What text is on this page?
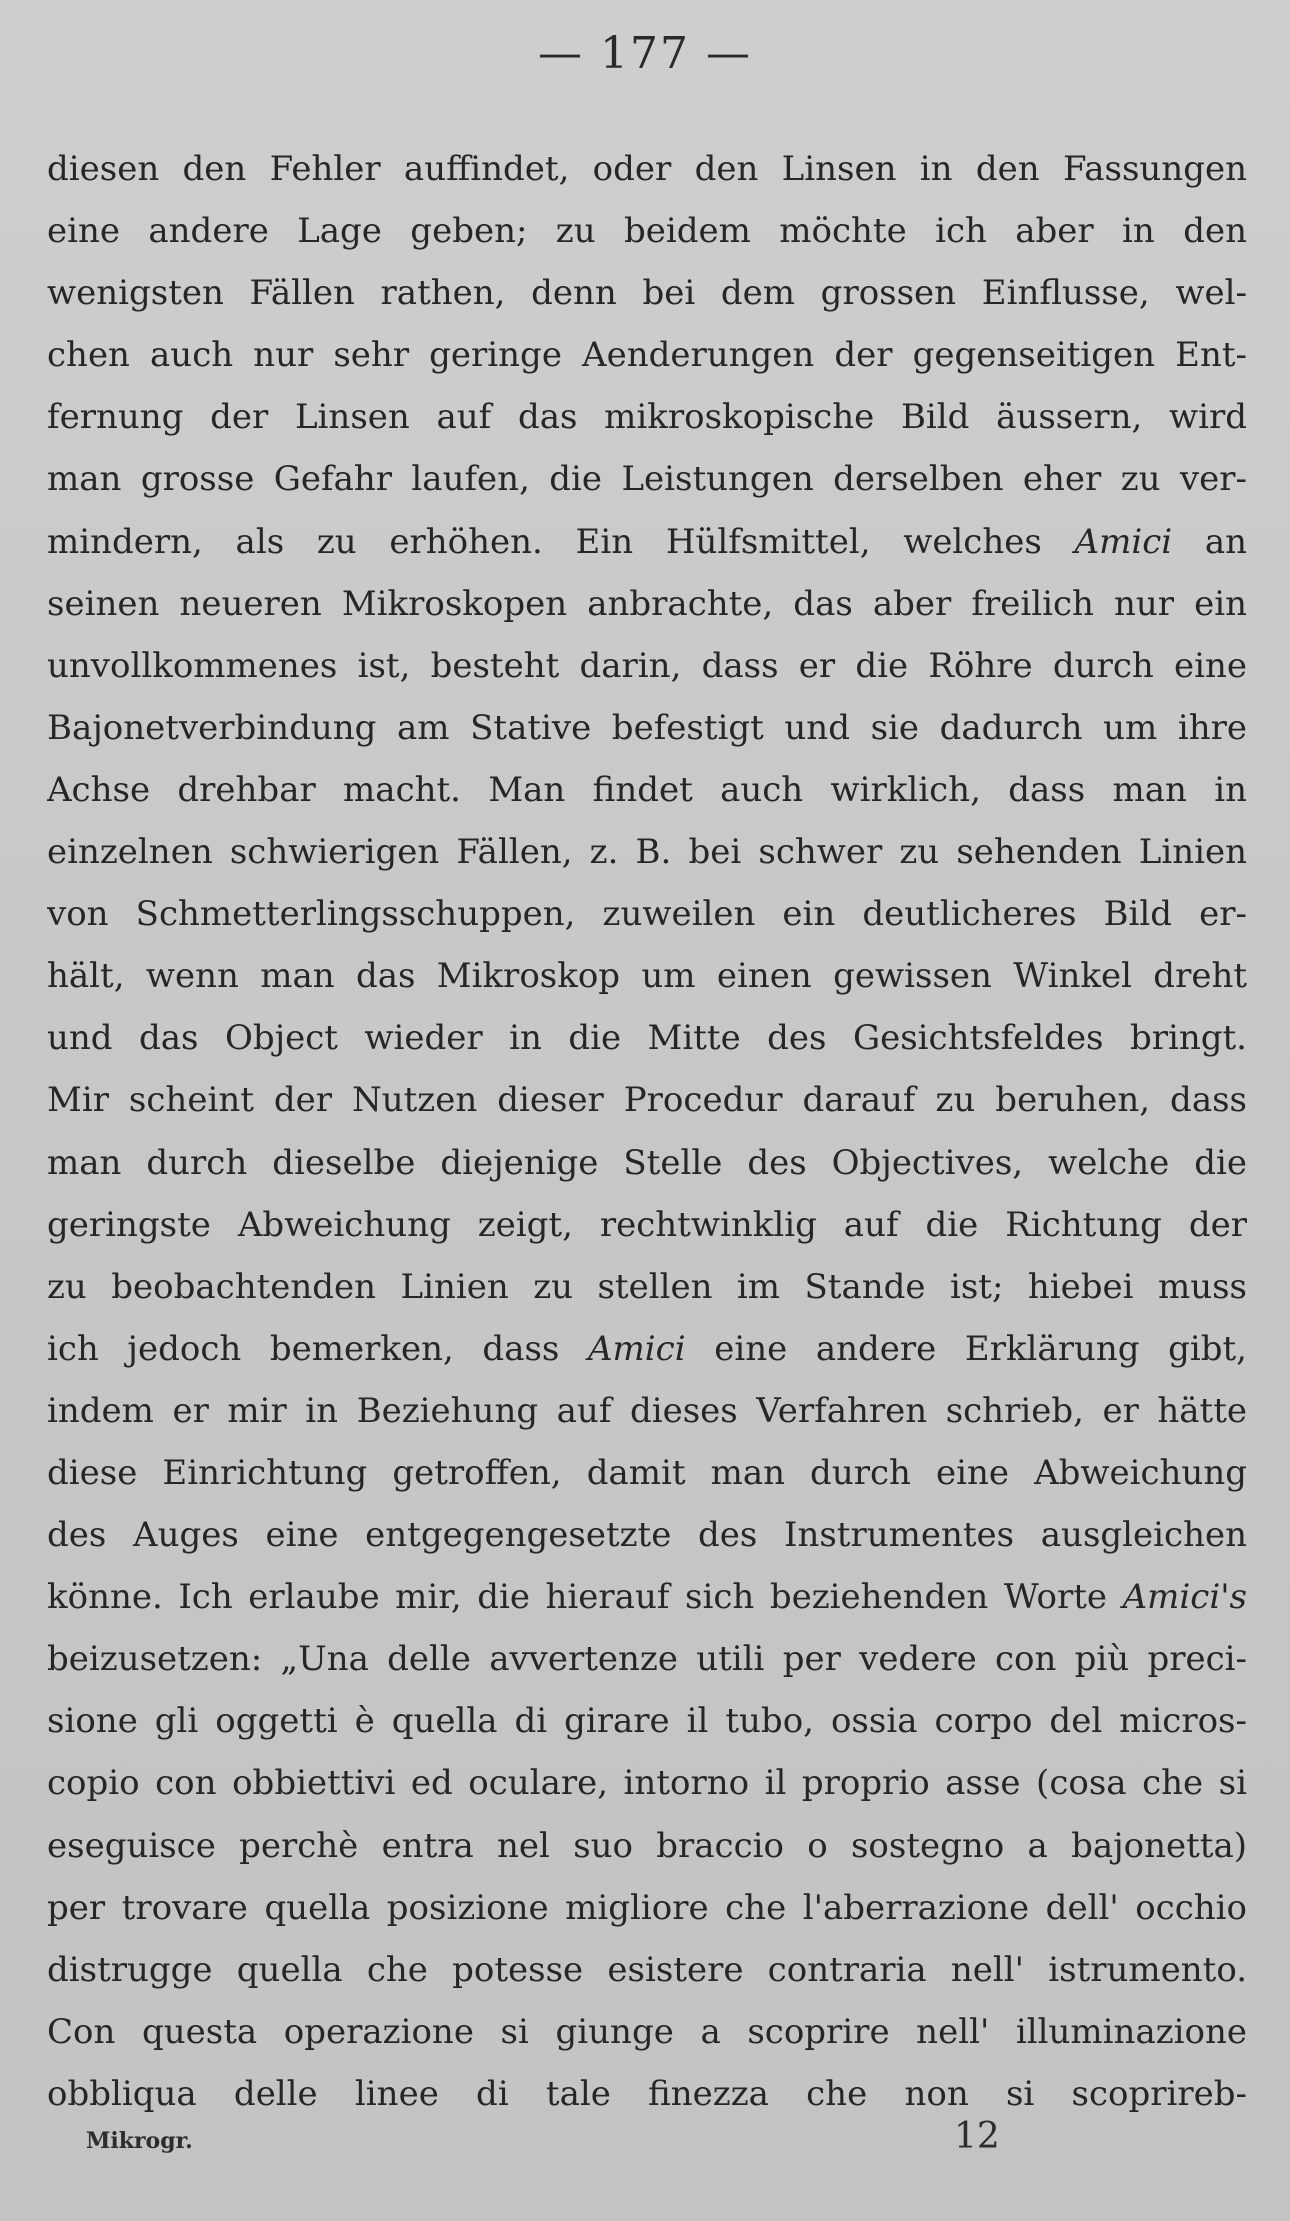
— 177 —
diesen den Fehler auffindet, oder den Linsen in den Fassungen
eine andere Lage geben; zu beidem möchte ich aber in den
wenigsten Fällen rathen, denn bei dem grossen Einflusse, wel-
chen auch nur sehr geringe Aenderungen der gegenseitigen Ent-
fernung der Linsen auf das mikroskopische Bild äussern, wird
man grosse Gefahr laufen, die Leistungen derselben eher zu ver-
mindern, als zu erhöhen. Ein Hülfsmittel, welches Amici an
seinen neueren Mikroskopen anbrachte, das aber freilich nur ein
unvollkommenes ist, besteht darin, dass er die Röhre durch eine
Bajonetverbindung am Stative befestigt und sie dadurch um ihre
Achse drehbar macht. Man findet auch wirklich, dass man in
einzelnen schwierigen Fällen, z. B. bei schwer zu sehenden Linien
von Schmetterlingsschuppen, zuweilen ein deutlicheres Bild er-
hält, wenn man das Mikroskop um einen gewissen Winkel dreht
und das Object wieder in die Mitte des Gesichtsfeldes bringt.
Mir scheint der Nutzen dieser Procedur darauf zu beruhen, dass
man durch dieselbe diejenige Stelle des Objectives, welche die
geringste Abweichung zeigt, rechtwinklig auf die Richtung der
zu beobachtenden Linien zu stellen im Stande ist; hiebei muss
ich jedoch bemerken, dass Amici eine andere Erklärung gibt,
indem er mir in Beziehung auf dieses Verfahren schrieb, er hätte
diese Einrichtung getroffen, damit man durch eine Abweichung
des Auges eine entgegengesetzte des Instrumentes ausgleichen
könne. Ich erlaube mir, die hierauf sich beziehenden Worte Amici's
beizusetzen: „Una delle avvertenze utili per vedere con più preci-
sione gli oggetti è quella di girare il tubo, ossia corpo del micros-
copio con obbiettivi ed oculare, intorno il proprio asse (cosa che si
eseguisce perchè entra nel suo braccio o sostegno a bajonetta)
per trovare quella posizione migliore che l'aberrazione dell' occhio
distrugge quella che potesse esistere contraria nell' istrumento.
Con questa operazione si giunge a scoprire nell' illuminazione
obbliqua delle linee di tale finezza che non si scoprireb-
Mikrogr.	12
